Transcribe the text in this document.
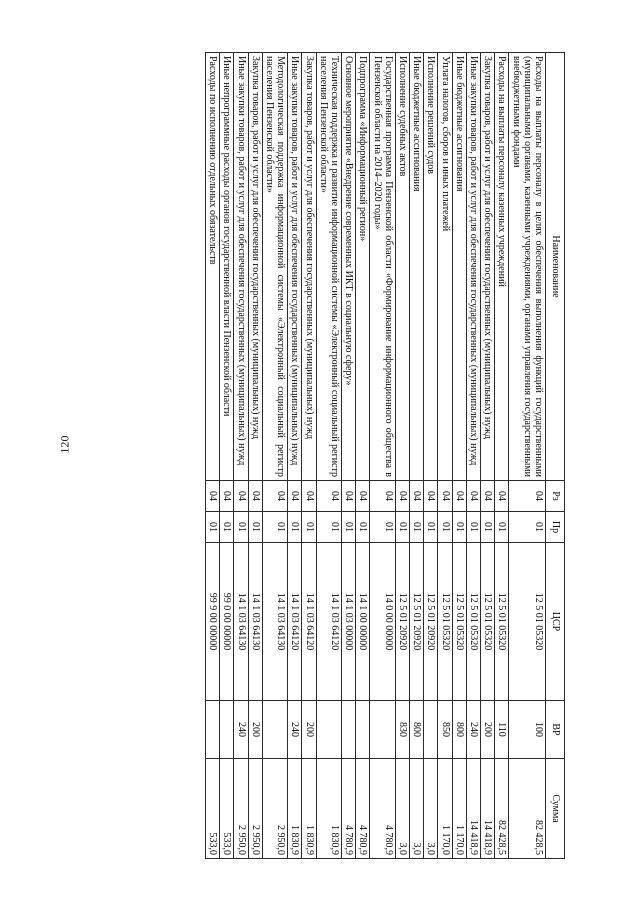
120
Наименование	Рз	Пр	ЦСР	ВР	Сумма
Расходы на выплаты персоналу в целях обеспечения выполнения функций государственными (муниципальными) органами, казенными учреждениями, органами управления государственными внебюджетными фондами	04	01	12 5 01 05320	100	82 428,5
Расходы на выплаты персоналу казенных учреждений	04	01	12 5 01 05320	110	82 428,5
Закупка товаров, работ и услуг для обеспечения государственных (муниципальных) нужд	04	01	12 5 01 05320	200	14 418,9
Иные закупки товаров, работ и услуг для обеспечения государственных (муниципальных) нужд	04	01	12 5 01 05320	240	14 418,9
Иные бюджетные ассигнования	04	01	12 5 01 05320	800	1 170,0
Уплата налогов, сборов и иных платежей	04	01	12 5 01 05320	850	1 170,0
Исполнение решений судов	04	01	12 5 01 20920		3,0
Иные бюджетные ассигнования	04	01	12 5 01 20920	800	3,0
Исполнение судебных актов	04	01	12 5 01 20920	830	3,0
Государственная программа Пензенской области «Формирование информационного общества в Пензенской области на 2014–2020 годы»	04	01	14 0 00 00000		4 780,9
Подпрограмма «Информационный регион»	04	01	14 1 00 00000		4 780,9
Основное мероприятие «Внедрение современных ИКТ в социальную сферу»	04	01	14 1 03 00000		4 780,9
Техническая поддержка и развитие информационной системы «Электронный социальный регистр населения Пензенской области»	04	01	14 1 03 64120		1 830,9
Закупка товаров, работ и услуг для обеспечения государственных (муниципальных) нужд	04	01	14 1 03 64120	200	1 830,9
Иные закупки товаров, работ и услуг для обеспечения государственных (муниципальных) нужд	04	01	14 1 03 64120	240	1 830,9
Методологическая поддержка информационной системы «Электронный социальный регистр населения Пензенской области»	04	01	14 1 03 64130		2 950,0
Закупка товаров, работ и услуг для обеспечения государственных (муниципальных) нужд	04	01	14 1 03 64130	200	2 950,0
Иные закупки товаров, работ и услуг для обеспечения государственных (муниципальных) нужд	04	01	14 1 03 64130	240	2 950,0
Иные непрограммные расходы органов государственной власти Пензенской области	04	01	99 0 00 00000		533,0
Расходы по исполнению отдельных обязательств	04	01	99 9 00 00000		533,0
